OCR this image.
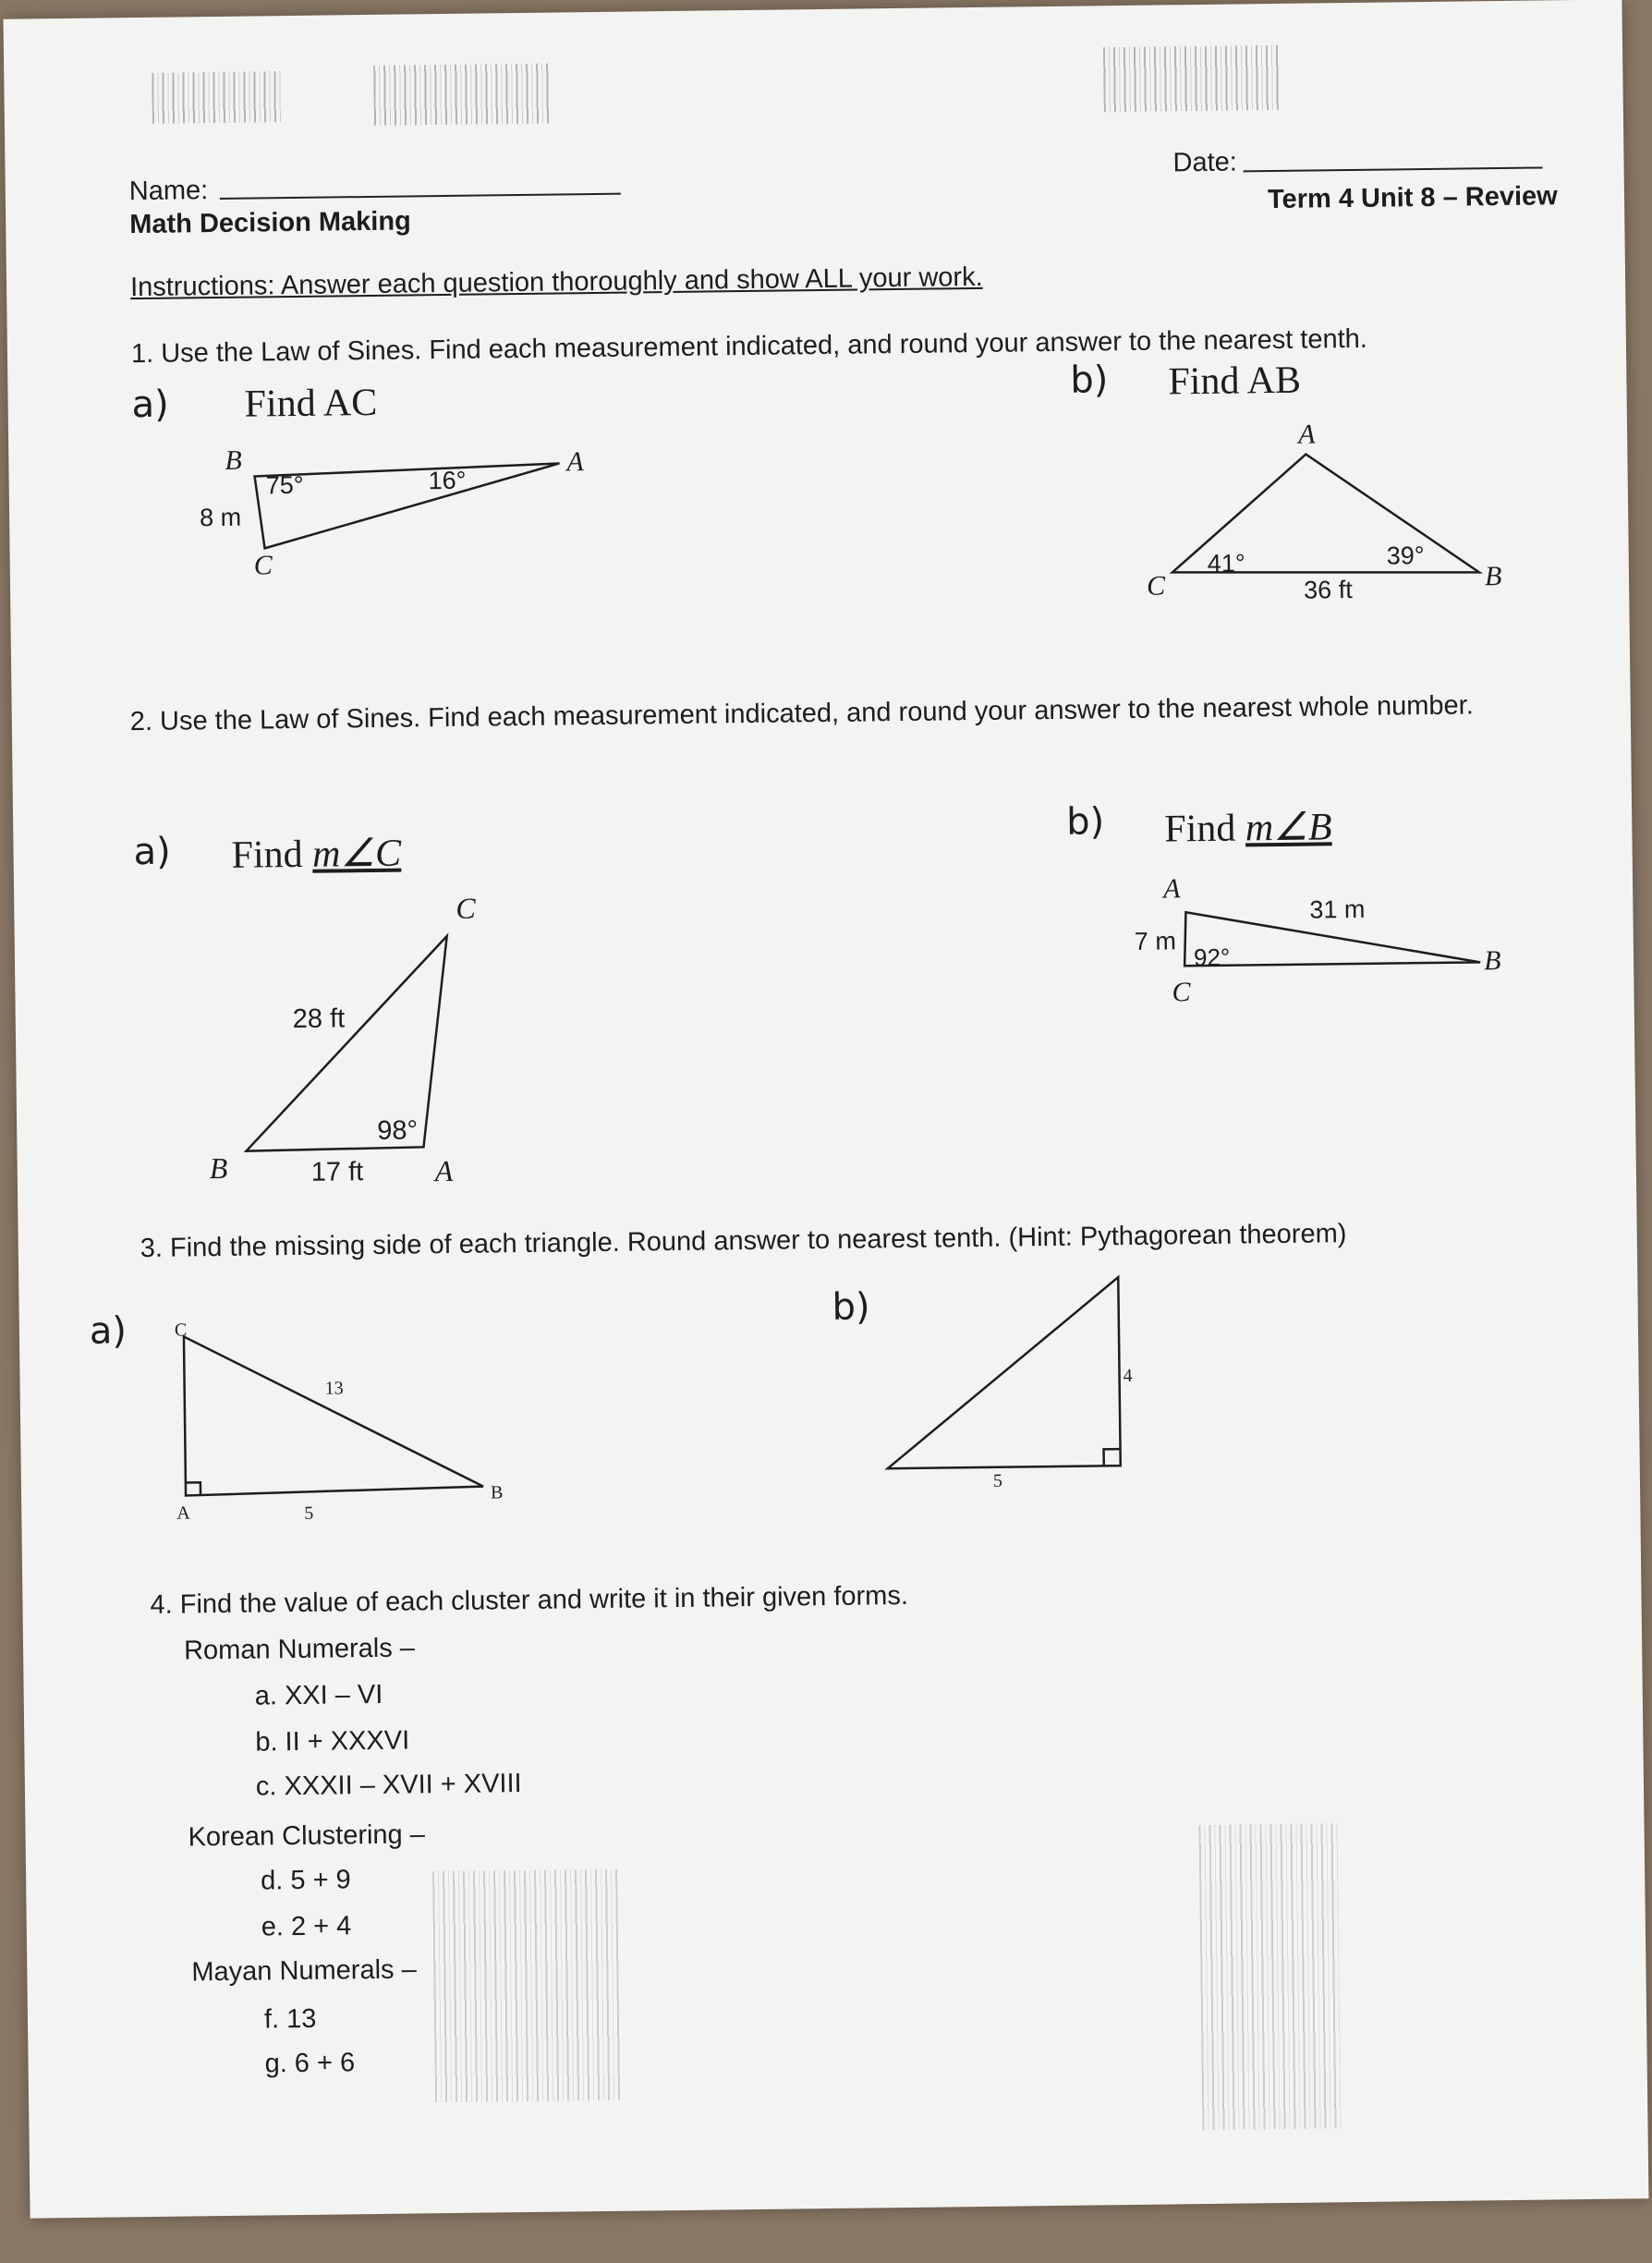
Name:
Math Decision Making
Date:
Term 4 Unit 8 – Review
Instructions: Answer each question thoroughly and show ALL your work.
1. Use the Law of Sines. Find each measurement indicated, and round your answer to the nearest tenth.
a) Find AC
b) Find AB
B	A
C
75°	16°
8 m
A
C	B
41°	39°
36 ft
2. Use the Law of Sines. Find each measurement indicated, and round your answer to the nearest whole number.
a) Find m∠C
b) Find m∠B
C
B	A
28 ft
98°
17 ft
A
C
B
7 m
31 m
92°
3. Find the missing side of each triangle. Round answer to nearest tenth. (Hint: Pythagorean theorem)
a)
b)
C
A
B
13
5
4
5
4. Find the value of each cluster and write it in their given forms.
Roman Numerals –
a. XXI – VI
b. II + XXXVI
c. XXXII – XVII + XVIII
Korean Clustering –
d. 5 + 9
e. 2 + 4
Mayan Numerals –
f. 13
g. 6 + 6
